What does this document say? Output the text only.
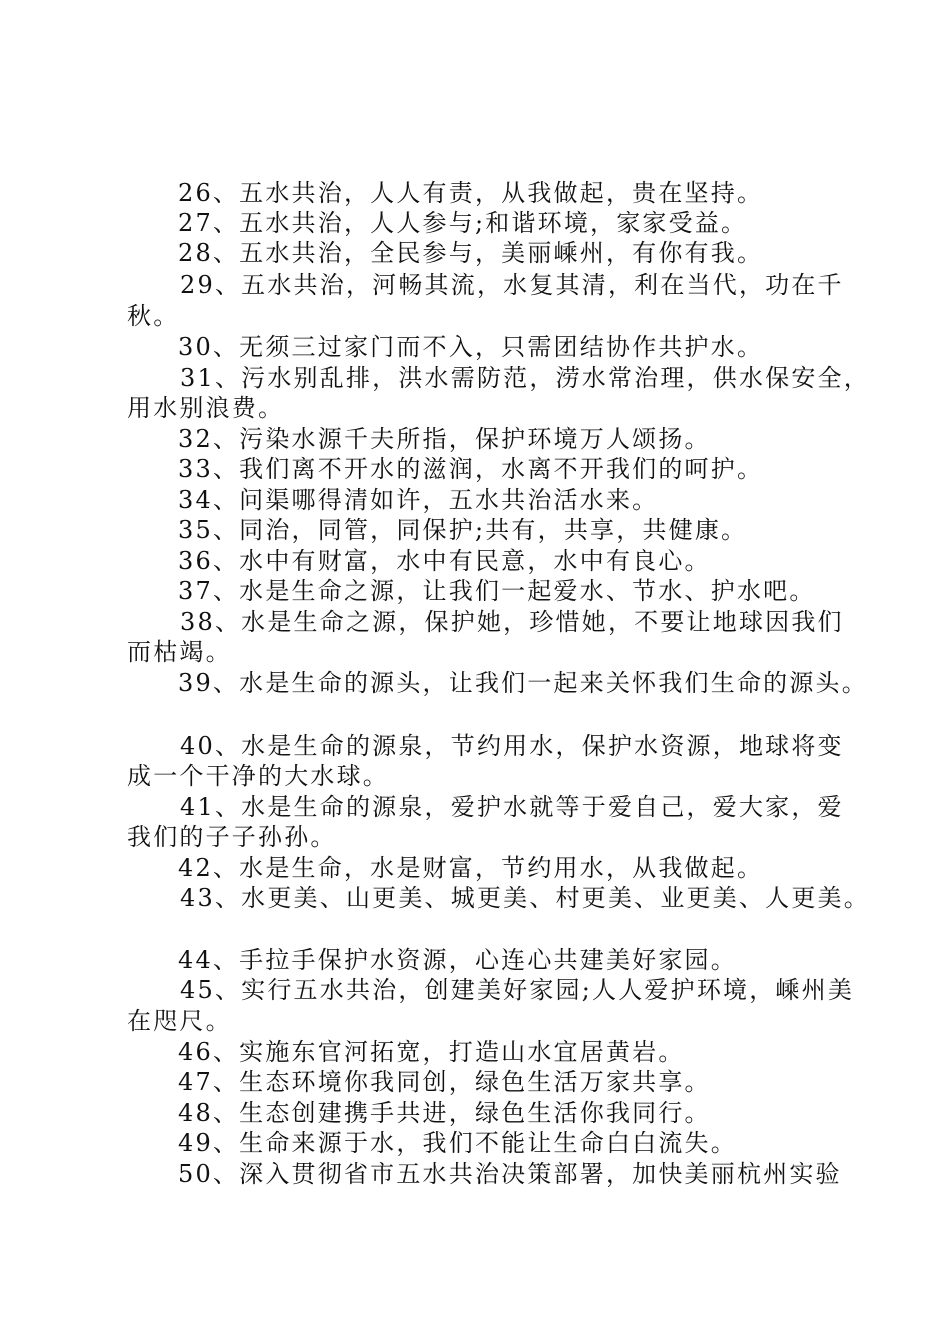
26、五水共治，人人有责，从我做起，贵在坚持。
27、五水共治，人人参与;和谐环境，家家受益。
28、五水共治，全民参与，美丽嵊州，有你有我。
29、五水共治，河畅其流，水复其清，利在当代，功在千
秋。
30、无须三过家门而不入，只需团结协作共护水。
31、污水别乱排，洪水需防范，涝水常治理，供水保安全，
用水别浪费。
32、污染水源千夫所指，保护环境万人颂扬。
33、我们离不开水的滋润，水离不开我们的呵护。
34、问渠哪得清如许，五水共治活水来。
35、同治，同管，同保护;共有，共享，共健康。
36、水中有财富，水中有民意，水中有良心。
37、水是生命之源，让我们一起爱水、节水、护水吧。
38、水是生命之源，保护她，珍惜她，不要让地球因我们
而枯竭。
39、水是生命的源头，让我们一起来关怀我们生命的源头。
40、水是生命的源泉，节约用水，保护水资源，地球将变
成一个干净的大水球。
41、水是生命的源泉，爱护水就等于爱自己，爱大家，爱
我们的子子孙孙。
42、水是生命，水是财富，节约用水，从我做起。
43、水更美、山更美、城更美、村更美、业更美、人更美。
44、手拉手保护水资源，心连心共建美好家园。
45、实行五水共治，创建美好家园;人人爱护环境，嵊州美
在咫尺。
46、实施东官河拓宽，打造山水宜居黄岩。
47、生态环境你我同创，绿色生活万家共享。
48、生态创建携手共进，绿色生活你我同行。
49、生命来源于水，我们不能让生命白白流失。
50、深入贯彻省市五水共治决策部署，加快美丽杭州实验
